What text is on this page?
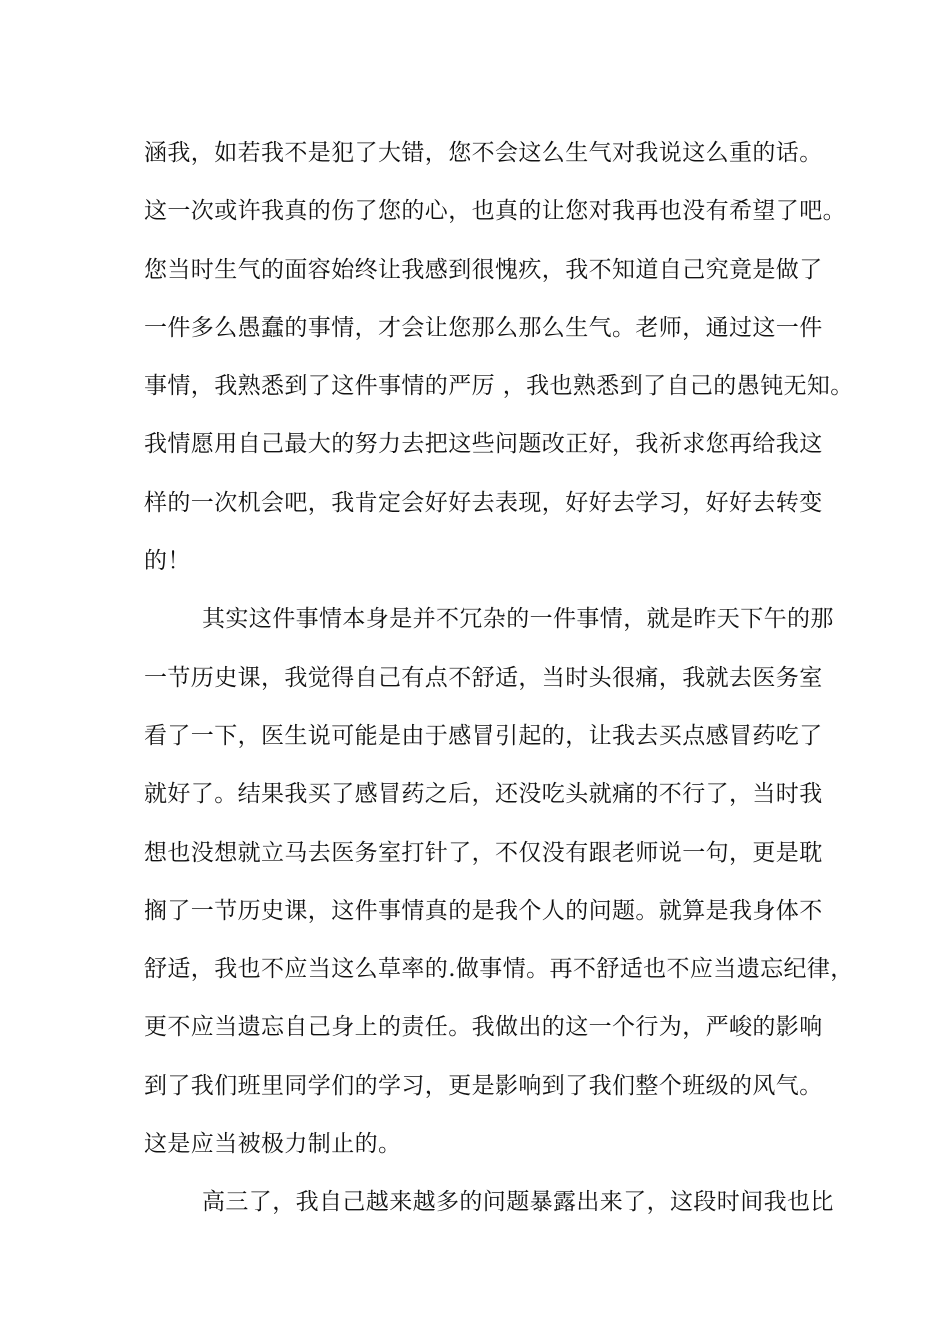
涵我，如若我不是犯了大错，您不会这么生气对我说这么重的话。
这一次或许我真的伤了您的心，也真的让您对我再也没有希望了吧。
您当时生气的面容始终让我感到很愧疚，我不知道自己究竟是做了
一件多么愚蠢的事情，才会让您那么那么生气。老师，通过这一件
事情，我熟悉到了这件事情的严厉 ，我也熟悉到了自己的愚钝无知。
我情愿用自己最大的努力去把这些问题改正好，我祈求您再给我这
样的一次机会吧，我肯定会好好去表现，好好去学习，好好去转变
的！
其实这件事情本身是并不冗杂的一件事情，就是昨天下午的那
一节历史课，我觉得自己有点不舒适，当时头很痛，我就去医务室
看了一下，医生说可能是由于感冒引起的，让我去买点感冒药吃了
就好了。结果我买了感冒药之后，还没吃头就痛的不行了，当时我
想也没想就立马去医务室打针了，不仅没有跟老师说一句，更是耽
搁了一节历史课，这件事情真的是我个人的问题。就算是我身体不
舒适，我也不应当这么草率的.做事情。再不舒适也不应当遗忘纪律，
更不应当遗忘自己身上的责任。我做出的这一个行为，严峻的影响
到了我们班里同学们的学习，更是影响到了我们整个班级的风气。
这是应当被极力制止的。
高三了，我自己越来越多的问题暴露出来了，这段时间我也比
